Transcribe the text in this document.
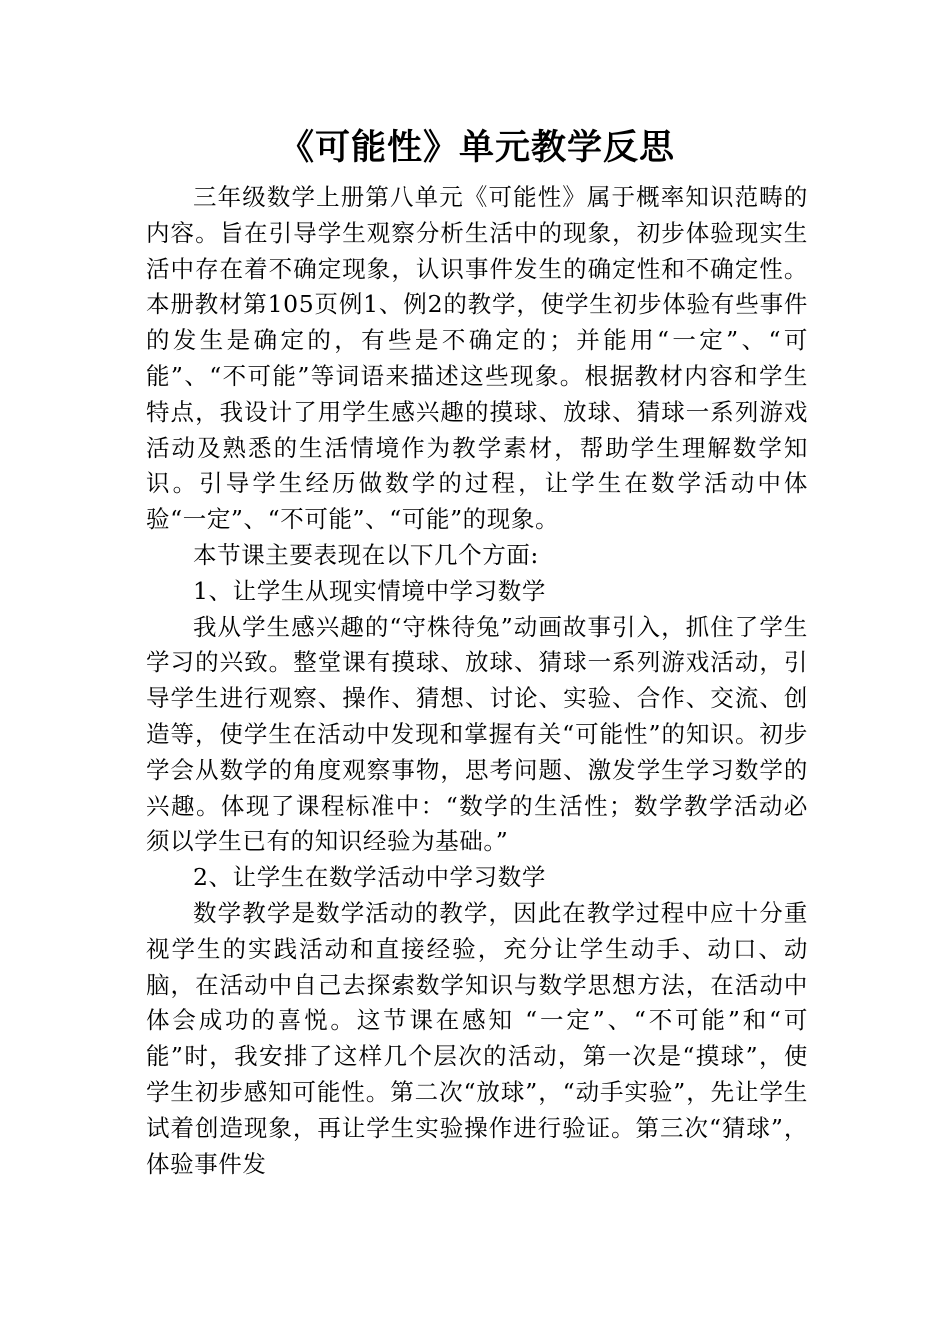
《可能性》单元教学反思

三年级数学上册第八单元《可能性》属于概率知识范畴的内容。旨在引导学生观察分析生活中的现象，初步体验现实生活中存在着不确定现象，认识事件发生的确定性和不确定性。本册教材第105页例1、例2的教学，使学生初步体验有些事件的发生是确定的，有些是不确定的；并能用“一定”、“可能”、“不可能”等词语来描述这些现象。根据教材内容和学生特点，我设计了用学生感兴趣的摸球、放球、猜球一系列游戏活动及熟悉的生活情境作为教学素材，帮助学生理解数学知识。引导学生经历做数学的过程，让学生在数学活动中体验“一定”、“不可能”、“可能”的现象。

本节课主要表现在以下几个方面:

1、让学生从现实情境中学习数学

我从学生感兴趣的“守株待兔”动画故事引入，抓住了学生学习的兴致。整堂课有摸球、放球、猜球一系列游戏活动，引导学生进行观察、操作、猜想、讨论、实验、合作、交流、创造等，使学生在活动中发现和掌握有关“可能性”的知识。初步学会从数学的角度观察事物，思考问题、激发学生学习数学的兴趣。体现了课程标准中：“数学的生活性；数学教学活动必须以学生已有的知识经验为基础。”

2、让学生在数学活动中学习数学

数学教学是数学活动的教学，因此在教学过程中应十分重视学生的实践活动和直接经验，充分让学生动手、动口、动脑，在活动中自己去探索数学知识与数学思想方法，在活动中体会成功的喜悦。这节课在感知 “一定”、“不可能”和“可能”时，我安排了这样几个层次的活动，第一次是“摸球”，使学生初步感知可能性。第二次“放球”，“动手实验”，先让学生试着创造现象，再让学生实验操作进行验证。第三次“猜球”，体验事件发
